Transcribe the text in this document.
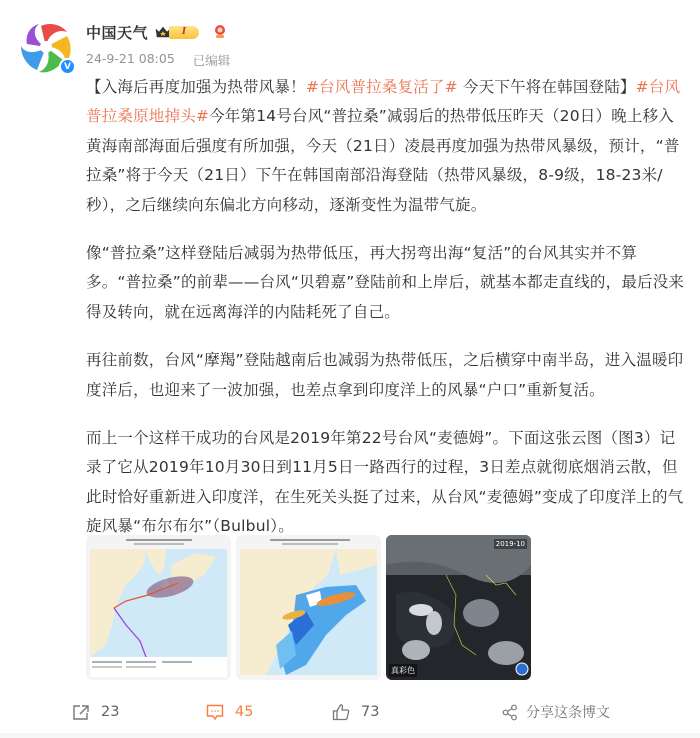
V
中国天气	I
24-9-21 08:05 已编辑

【入海后再度加强为热带风暴！#台风普拉桑复活了# 今天下午将在韩国登陆】#台风普拉桑原地掉头#今年第14号台风“普拉桑”减弱后的热带低压昨天（20日）晚上移入黄海南部海面后强度有所加强，今天（21日）凌晨再度加强为热带风暴级，预计，“普拉桑”将于今天（21日）下午在韩国南部沿海登陆（热带风暴级，8-9级，18-23米/秒），之后继续向东偏北方向移动，逐渐变性为温带气旋。

像“普拉桑”这样登陆后减弱为热带低压，再大拐弯出海“复活”的台风其实并不算多。“普拉桑”的前辈——台风“贝碧嘉”登陆前和上岸后，就基本都走直线的，最后没来得及转向，就在远离海洋的内陆耗死了自己。

再往前数，台风“摩羯”登陆越南后也减弱为热带低压，之后横穿中南半岛，进入温暖印度洋后，也迎来了一波加强，也差点拿到印度洋上的风暴“户口”重新复活。

而上一个这样干成功的台风是2019年第22号台风“麦德姆”。下面这张云图（图3）记录了它从2019年10月30日到11月5日一路西行的过程，3日差点就彻底烟消云散，但此时恰好重新进入印度洋，在生死关头挺了过来，从台风“麦德姆”变成了印度洋上的气旋风暴“布尔布尔”（Bulbul）。

2019-10
真彩色
23	45	73	分享这条博文
